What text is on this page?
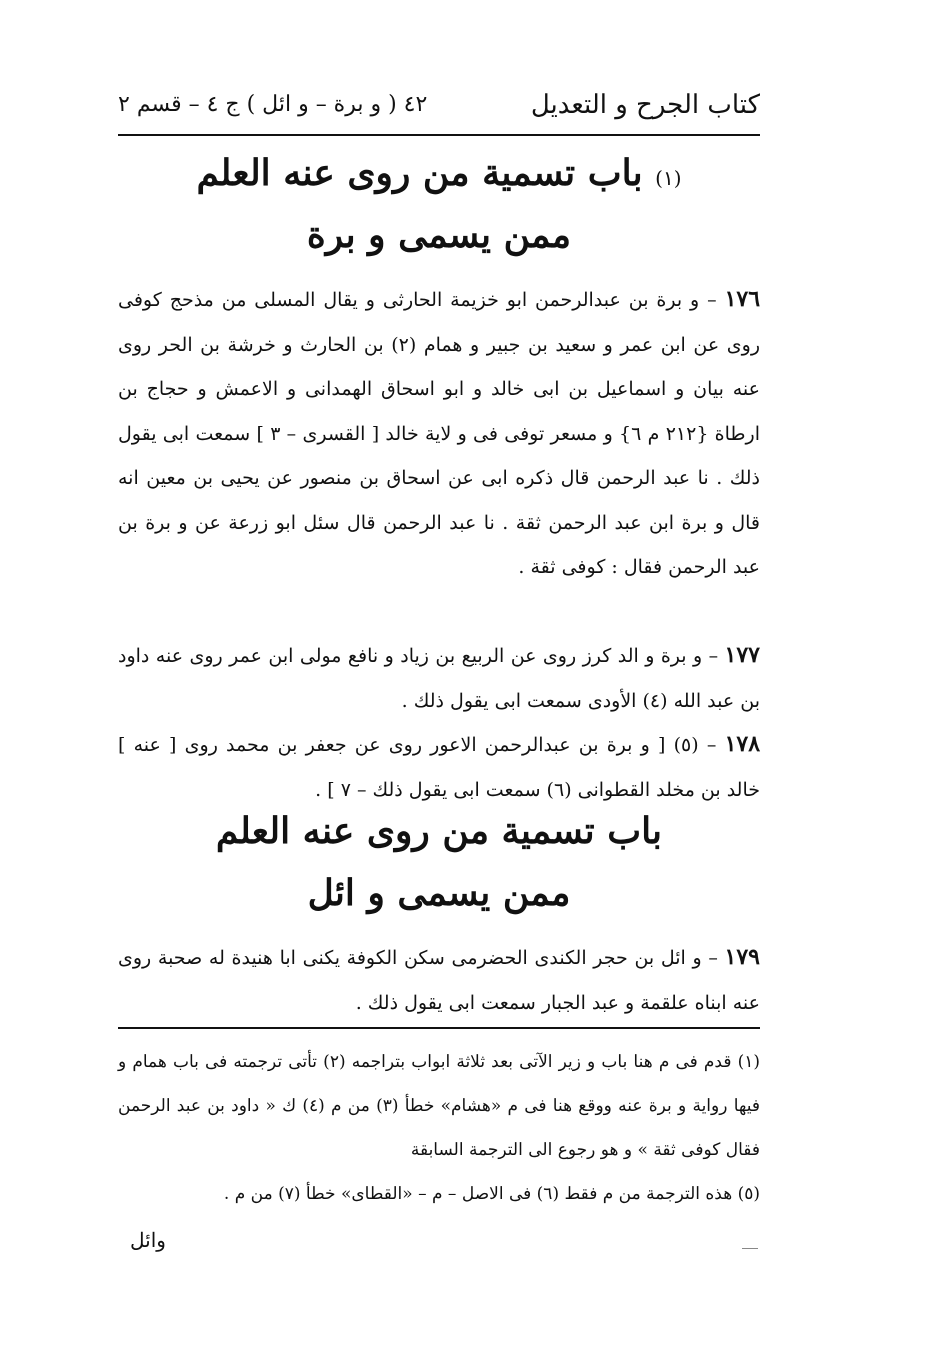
كتاب الجرح و التعديل
٤٢ ( و برة – و ائل ) ج ٤ – قسم ٢
(١) باب تسمية من روى عنه العلم
ممن يسمى و برة

١٧٦ – و برة بن عبدالرحمن ابو خزيمة الحارثى و يقال المسلى من مذحج كوفى روى عن ابن عمر و سعيد بن جبير و همام (٢) بن الحارث و خرشة بن الحر روى عنه بيان و اسماعيل بن ابى خالد و ابو اسحاق الهمدانى و الاعمش و حجاج بن ارطاة {٢١٢ م ٦} و مسعر توفى فى و لاية خالد [ القسرى – ٣ ] سمعت ابى يقول ذلك . نا عبد الرحمن قال ذكره ابى عن اسحاق بن منصور عن يحيى بن معين انه قال و برة ابن عبد الرحمن ثقة . نا عبد الرحمن قال سئل ابو زرعة عن و برة بن عبد الرحمن فقال : كوفى ثقة .

١٧٧ – و برة و الد كرز روى عن الربيع بن زياد و نافع مولى ابن عمر روى عنه داود بن عبد الله (٤) الأودى سمعت ابى يقول ذلك .

١٧٨ – (٥) [ و برة بن عبدالرحمن الاعور روى عن جعفر بن محمد روى [ عنه ] خالد بن مخلد القطوانى (٦) سمعت ابى يقول ذلك – ٧ ] .

باب تسمية من روى عنه العلم
ممن يسمى و ائل

١٧٩ – و ائل بن حجر الكندى الحضرمى سكن الكوفة يكنى ابا هنيدة له صحبة روى عنه ابناه علقمة و عبد الجبار سمعت ابى يقول ذلك .

(١) قدم فى م هنا باب و زير الآتى بعد ثلاثة ابواب بتراجمه (٢) تأتى ترجمته فى باب همام و فيها رواية و برة عنه ووقع هنا فى م «هشام» خطأ (٣) من م (٤) ك « داود بن عبد الرحمن فقال كوفى ثقة » و هو رجوع الى الترجمة السابقة

(٥) هذه الترجمة من م فقط (٦) فى الاصل – م – «القطاى» خطأ (٧) من م .

وائل
